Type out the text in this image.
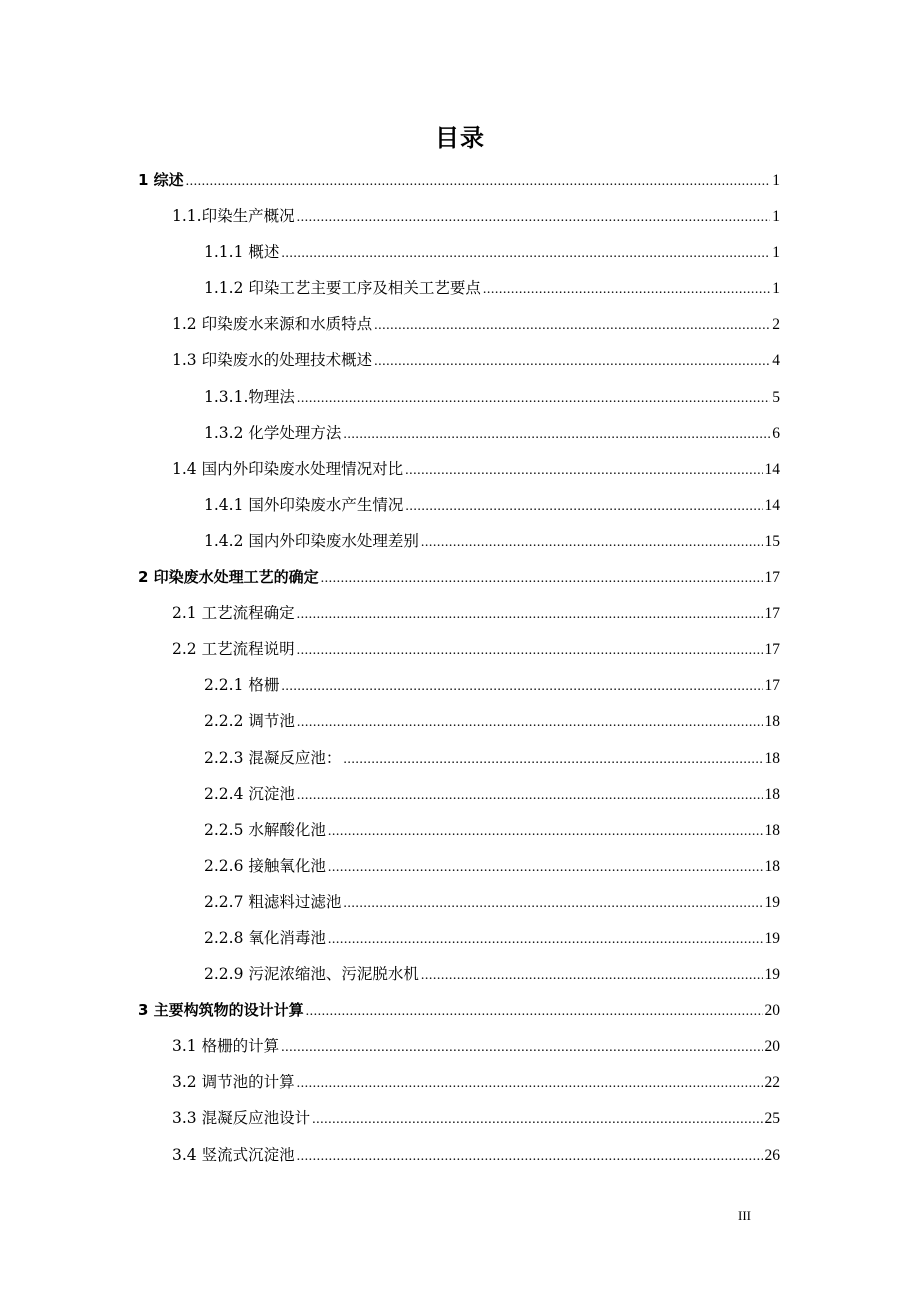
目录
1 综述 .....	1
1.1.印染生产概况 .....	1
1.1.1 概述 .....	1
1.1.2 印染工艺主要工序及相关工艺要点 .....	1
1.2 印染废水来源和水质特点 .....	2
1.3 印染废水的处理技术概述 .....	4
1.3.1.物理法 .....	5
1.3.2 化学处理方法 .....	6
1.4 国内外印染废水处理情况对比 .....	14
1.4.1 国外印染废水产生情况 .....	14
1.4.2 国内外印染废水处理差别 .....	15
2 印染废水处理工艺的确定 .....	17
2.1 工艺流程确定 .....	17
2.2 工艺流程说明 .....	17
2.2.1 格栅 .....	17
2.2.2 调节池 .....	18
2.2.3 混凝反应池： .....	18
2.2.4 沉淀池 .....	18
2.2.5 水解酸化池 .....	18
2.2.6 接触氧化池 .....	18
2.2.7 粗滤料过滤池 .....	19
2.2.8 氧化消毒池 .....	19
2.2.9 污泥浓缩池、污泥脱水机 .....	19
3 主要构筑物的设计计算 .....	20
3.1 格栅的计算 .....	20
3.2 调节池的计算 .....	22
3.3 混凝反应池设计 .....	25
3.4 竖流式沉淀池 .....	26
III
